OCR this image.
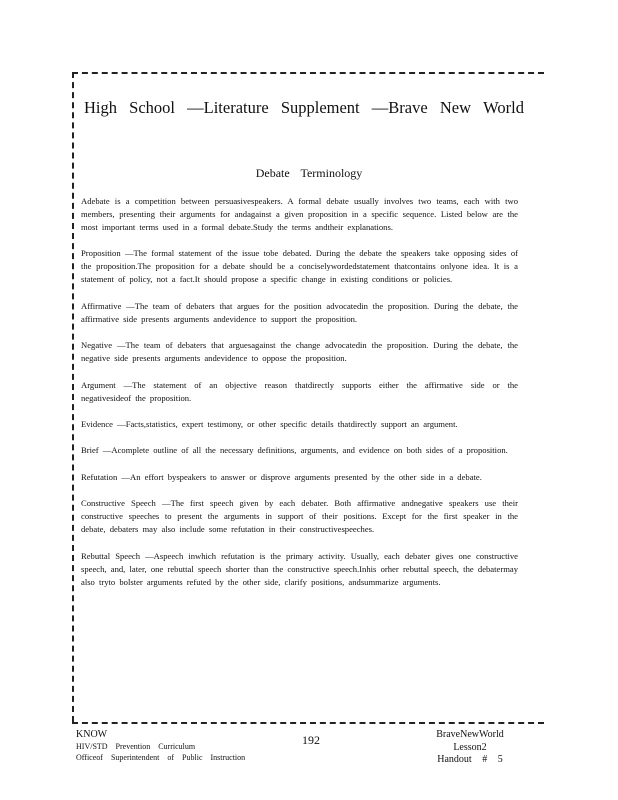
High School —Literature Supplement —Brave New World
Debate Terminology

Adebate is a competition between persuasivespeakers. A formal debate usually involves two teams, each with two members, presenting their arguments for andagainst a given proposition in a specific sequence. Listed below are the most important terms used in a formal debate.Study the terms andtheir explanations.

Proposition —The formal statement of the issue tobe debated. During the debate the speakers take opposing sides of the proposition.The proposition for a debate should be a conciselywordedstatement thatcontains onlyone idea. It is a statement of policy, not a fact.It should propose a specific change in existing conditions or policies.

Affirmative —The team of debaters that argues for the position advocatedin the proposition. During the debate, the affirmative side presents arguments andevidence to support the proposition.

Negative —The team of debaters that arguesagainst the change advocatedin the proposition. During the debate, the negative side presents arguments andevidence to oppose the proposition.

Argument —The statement of an objective reason thatdirectly supports either the affirmative side or the negativesideof the proposition.

Evidence —Facts,statistics, expert testimony, or other specific details thatdirectly support an argument.

Brief —Acomplete outline of all the necessary definitions, arguments, and evidence on both sides of a proposition.

Refutation —An effort byspeakers to answer or disprove arguments presented by the other side in a debate.

Constructive Speech —The first speech given by each debater. Both affirmative andnegative speakers use their constructive speeches to present the arguments in support of their positions. Except for the first speaker in the debate, debaters may also include some refutation in their constructivespeeches.

Rebuttal Speech —Aspeech inwhich refutation is the primary activity. Usually, each debater gives one constructive speech, and, later, one rebuttal speech shorter than the constructive speech.Inhis orher rebuttal speech, the debatermay also tryto bolster arguments refuted by the other side, clarify positions, andsummarize arguments.

KNOW
HIV/STD Prevention Curriculum
Officeof Superintendent of Public Instruction
192	BraveNewWorld
Lesson2
Handout # 5
